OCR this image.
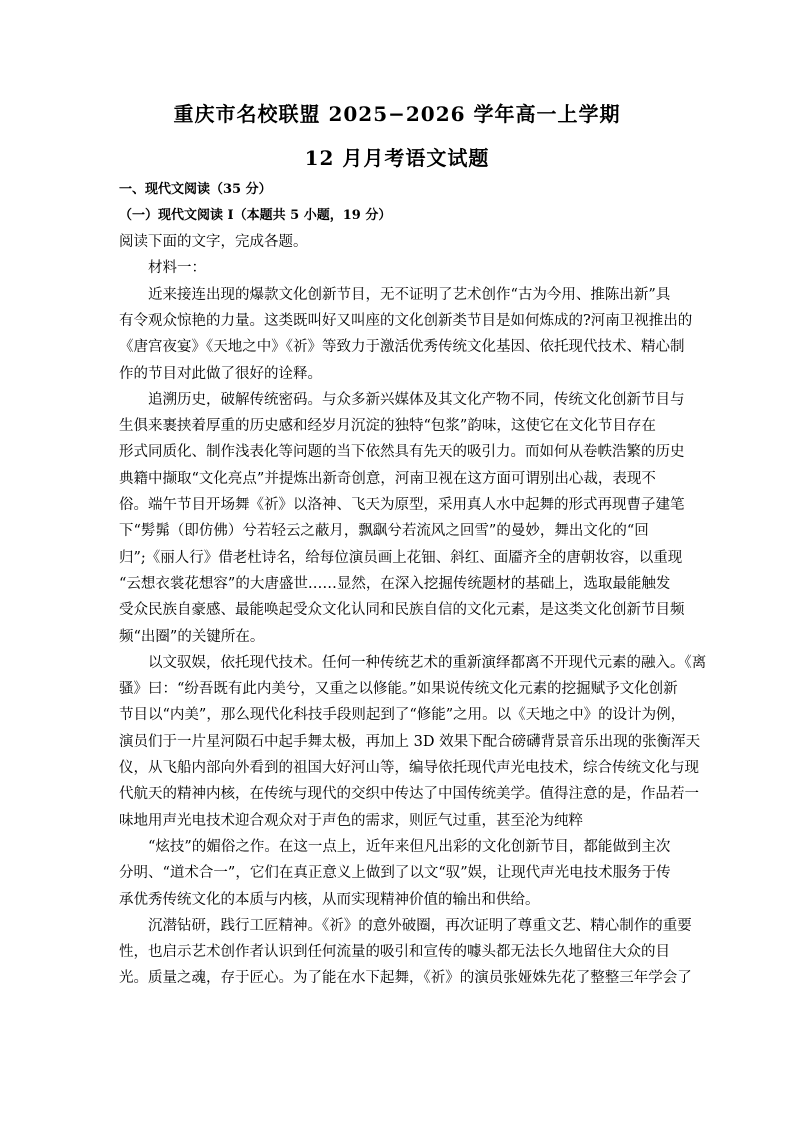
重庆市名校联盟 2025−2026 学年高一上学期
12 月月考语文试题
一、现代文阅读（35 分）
（一）现代文阅读 I（本题共 5 小题，19 分）

阅读下面的文字，完成各题。

　　材料一：

　　近来接连出现的爆款文化创新节目，无不证明了艺术创作“古为今用、推陈出新”具

有令观众惊艳的力量。这类既叫好又叫座的文化创新类节目是如何炼成的?河南卫视推出的

《唐宫夜宴》《天地之中》《祈》等致力于激活优秀传统文化基因、依托现代技术、精心制

作的节目对此做了很好的诠释。

　　追溯历史，破解传统密码。与众多新兴媒体及其文化产物不同，传统文化创新节目与

生俱来裹挟着厚重的历史感和经岁月沉淀的独特“包浆”韵味，这使它在文化节目存在

形式同质化、制作浅表化等问题的当下依然具有先天的吸引力。而如何从卷帙浩繁的历史

典籍中撷取“文化亮点”并提炼出新奇创意，河南卫视在这方面可谓别出心裁，表现不

俗。端午节目开场舞《祈》以洛神、飞天为原型，采用真人水中起舞的形式再现曹子建笔

下“髣髴（即仿佛）兮若轻云之蔽月，飘飖兮若流风之回雪”的曼妙，舞出文化的“回

归”;《丽人行》借老杜诗名，给每位演员画上花钿、斜红、面靥齐全的唐朝妆容，以重现

“云想衣裳花想容”的大唐盛世……显然，在深入挖掘传统题材的基础上，选取最能触发

受众民族自豪感、最能唤起受众文化认同和民族自信的文化元素，是这类文化创新节目频

频“出圈”的关键所在。

　　以文驭娱，依托现代技术。任何一种传统艺术的重新演绎都离不开现代元素的融入。《离

骚》曰：“纷吾既有此内美兮，又重之以修能。”如果说传统文化元素的挖掘赋予文化创新

节目以“内美”，那么现代化科技手段则起到了“修能”之用。以《天地之中》的设计为例，

演员们于一片星河陨石中起手舞太极，再加上 3D 效果下配合磅礴背景音乐出现的张衡浑天

仪，从飞船内部向外看到的祖国大好河山等，编导依托现代声光电技术，综合传统文化与现

代航天的精神内核，在传统与现代的交织中传达了中国传统美学。值得注意的是，作品若一

味地用声光电技术迎合观众对于声色的需求，则匠气过重，甚至沦为纯粹

　　“炫技”的媚俗之作。在这一点上，近年来但凡出彩的文化创新节目，都能做到主次

分明、“道术合一”，它们在真正意义上做到了以文“驭”娱，让现代声光电技术服务于传

承优秀传统文化的本质与内核，从而实现精神价值的输出和供给。

　　沉潜钻研，践行工匠精神。《祈》的意外破圈，再次证明了尊重文艺、精心制作的重要

性，也启示艺术创作者认识到任何流量的吸引和宣传的噱头都无法长久地留住大众的目

光。质量之魂，存于匠心。为了能在水下起舞，《祈》的演员张娅姝先花了整整三年学会了
